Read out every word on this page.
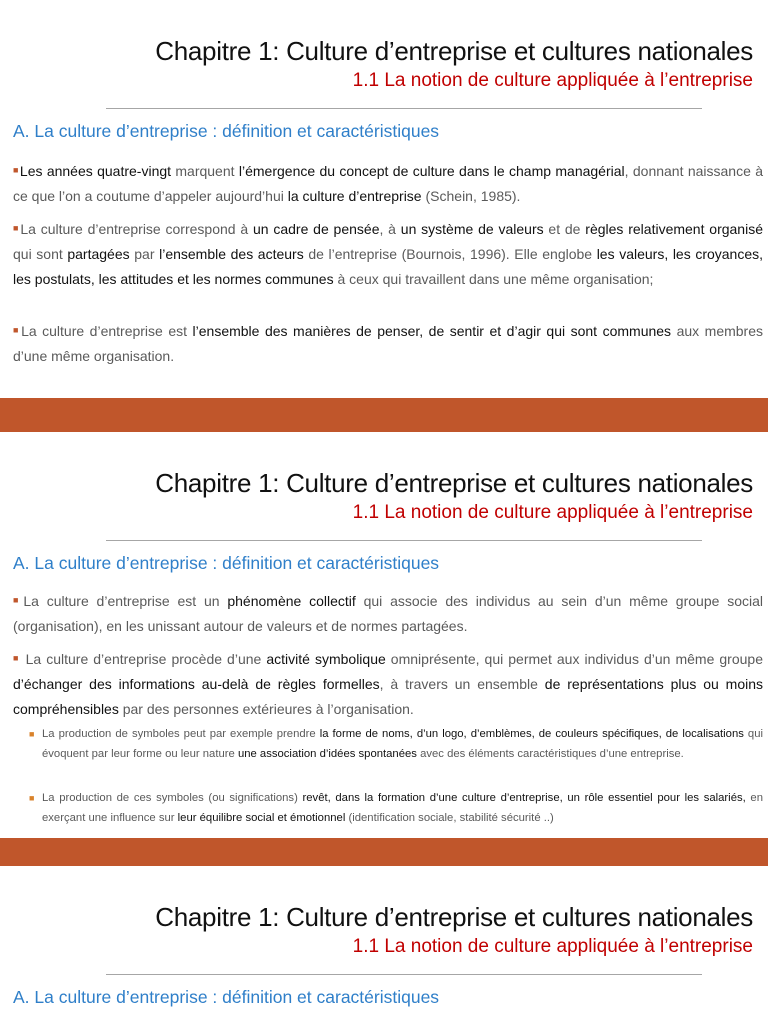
Chapitre 1: Culture d’entreprise et cultures nationales
1.1 La notion de culture appliquée à l’entreprise
A. La culture d’entreprise : définition et caractéristiques

■Les années quatre-vingt marquent l’émergence du concept de culture dans le champ managérial, donnant naissance à ce que l’on a coutume d’appeler aujourd’hui la culture d’entreprise (Schein, 1985).

■La culture d’entreprise correspond à un cadre de pensée, à un système de valeurs et de règles relativement organisé qui sont partagées par l’ensemble des acteurs de l’entreprise (Bournois, 1996). Elle englobe les valeurs, les croyances, les postulats, les attitudes et les normes communes à ceux qui travaillent dans une même organisation;

■La culture d’entreprise est l’ensemble des manières de penser, de sentir et d’agir qui sont communes aux membres d’une même organisation.

Chapitre 1: Culture d’entreprise et cultures nationales
1.1 La notion de culture appliquée à l’entreprise
A. La culture d’entreprise : définition et caractéristiques

■La culture d’entreprise est un phénomène collectif qui associe des individus au sein d’un même groupe social (organisation), en les unissant autour de valeurs et de normes partagées.

■ La culture d’entreprise procède d’une activité symbolique omniprésente, qui permet aux individus d’un même groupe d’échanger des informations au-delà de règles formelles, à travers un ensemble de représentations plus ou moins compréhensibles par des personnes extérieures à l’organisation.

■ La production de symboles peut par exemple prendre la forme de noms, d’un logo, d’emblèmes, de couleurs spécifiques, de localisations qui évoquent par leur forme ou leur nature une association d’idées spontanées avec des éléments caractéristiques d’une entreprise.

■ La production de ces symboles (ou significations) revêt, dans la formation d’une culture d’entreprise, un rôle essentiel pour les salariés, en exerçant une influence sur leur équilibre social et émotionnel (identification sociale, stabilité sécurité ..)

Chapitre 1: Culture d’entreprise et cultures nationales
1.1 La notion de culture appliquée à l’entreprise
A. La culture d’entreprise : définition et caractéristiques
